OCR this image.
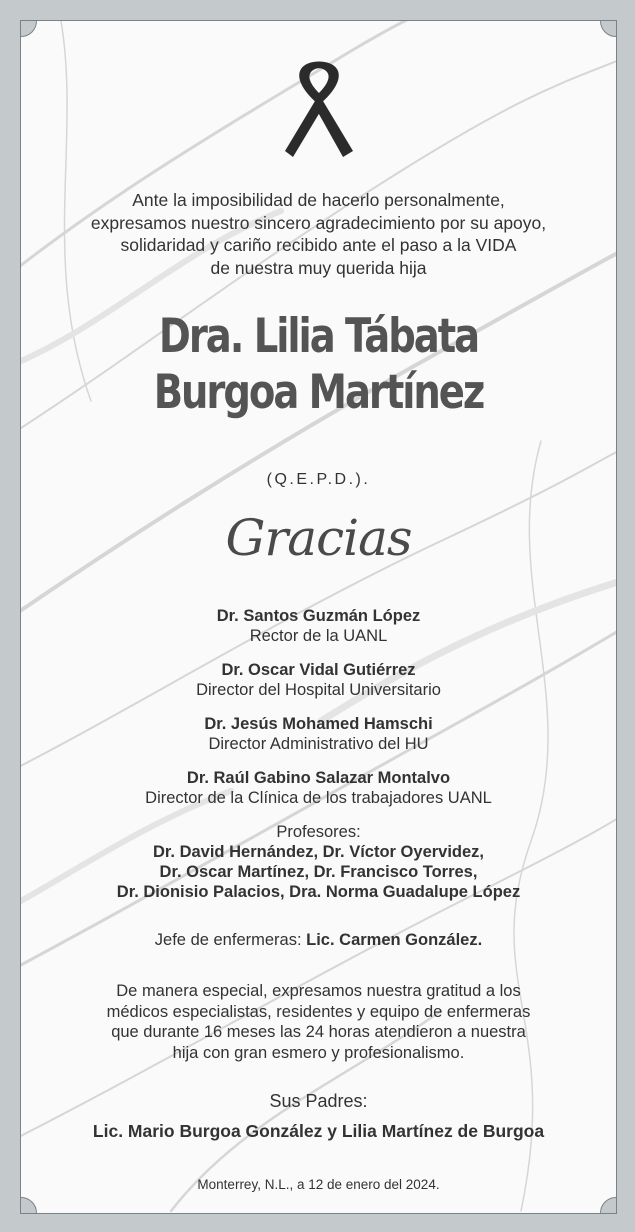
Ante la imposibilidad de hacerlo personalmente,
expresamos nuestro sincero agradecimiento por su apoyo,
solidaridad y cariño recibido ante el paso a la VIDA
de nuestra muy querida hija
Dra. Lilia Tábata
Burgoa Martínez
(Q.E.P.D.).
Gracias
Dr. Santos Guzmán López
Rector de la UANL
Dr. Oscar Vidal Gutiérrez
Director del Hospital Universitario
Dr. Jesús Mohamed Hamschi
Director Administrativo del HU
Dr. Raúl Gabino Salazar Montalvo
Director de la Clínica de los trabajadores UANL
Profesores:
Dr. David Hernández, Dr. Víctor Oyervidez,
Dr. Oscar Martínez, Dr. Francisco Torres,
Dr. Dionisio Palacios, Dra. Norma Guadalupe López
Jefe de enfermeras: Lic. Carmen González.
De manera especial, expresamos nuestra gratitud a los
médicos especialistas, residentes y equipo de enfermeras
que durante 16 meses las 24 horas atendieron a nuestra
hija con gran esmero y profesionalismo.
Sus Padres:
Lic. Mario Burgoa González y Lilia Martínez de Burgoa
Monterrey, N.L., a 12 de enero del 2024.
